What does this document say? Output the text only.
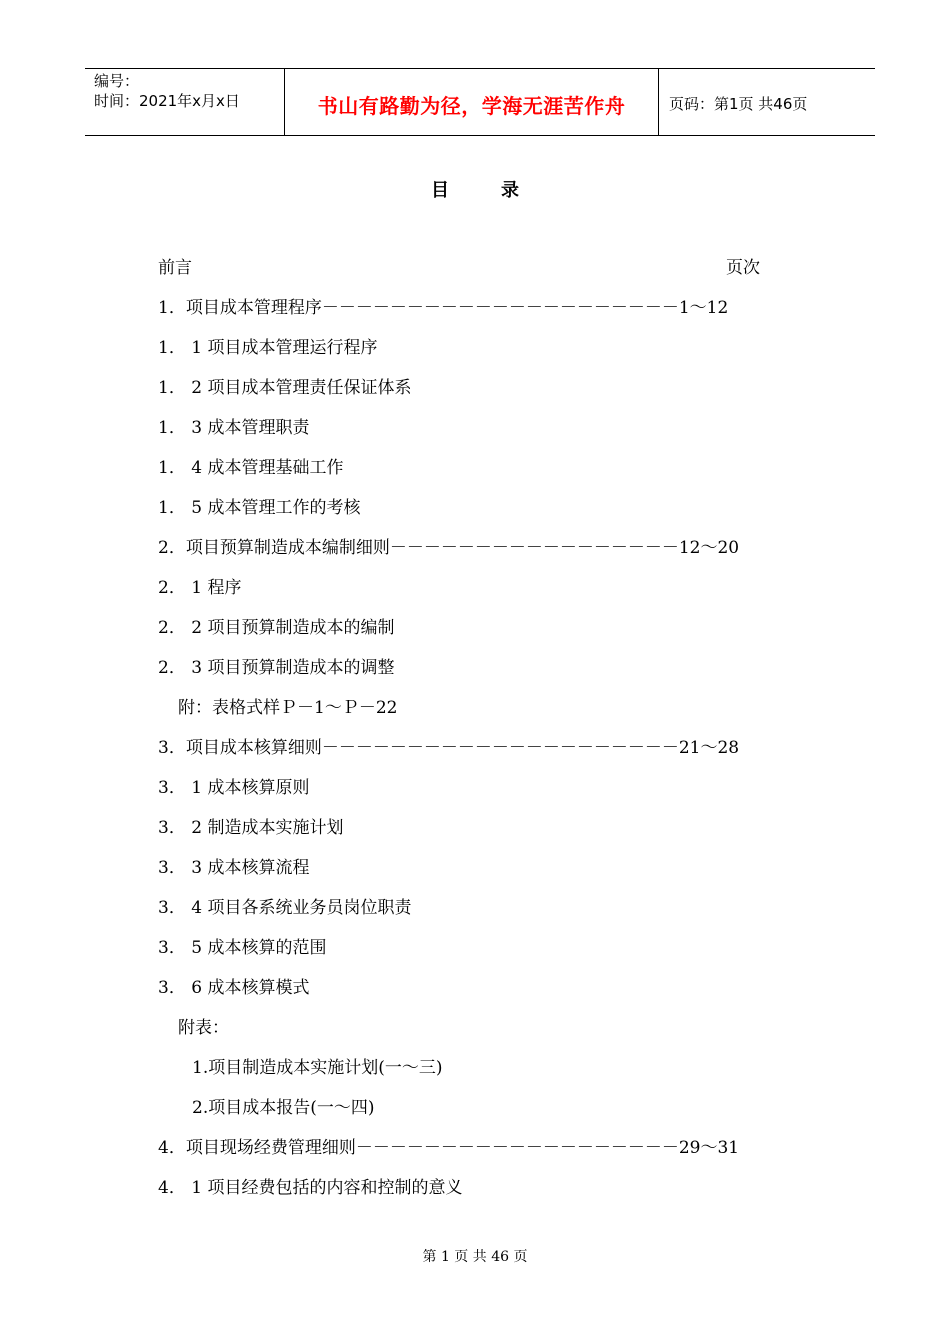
编号：
时间：2021年x月x日	书山有路勤为径，学海无涯苦作舟	页码：第1页 共46页
目录
前言	页次
1．项目成本管理程序－－－－－－－－－－－－－－－－－－－－－1～12
1． 1 项目成本管理运行程序
1． 2 项目成本管理责任保证体系
1． 3 成本管理职责
1． 4 成本管理基础工作
1． 5 成本管理工作的考核
2．项目预算制造成本编制细则－－－－－－－－－－－－－－－－－12～20
2． 1 程序
2． 2 项目预算制造成本的编制
2． 3 项目预算制造成本的调整
附：表格式样Ｐ－1～Ｐ－22
3．项目成本核算细则－－－－－－－－－－－－－－－－－－－－－21～28
3． 1 成本核算原则
3． 2 制造成本实施计划
3． 3 成本核算流程
3． 4 项目各系统业务员岗位职责
3． 5 成本核算的范围
3． 6 成本核算模式
附表：
1.项目制造成本实施计划(一～三)
2.项目成本报告(一～四)
4．项目现场经费管理细则－－－－－－－－－－－－－－－－－－－29～31
4． 1 项目经费包括的内容和控制的意义
第 1 页 共 46 页
